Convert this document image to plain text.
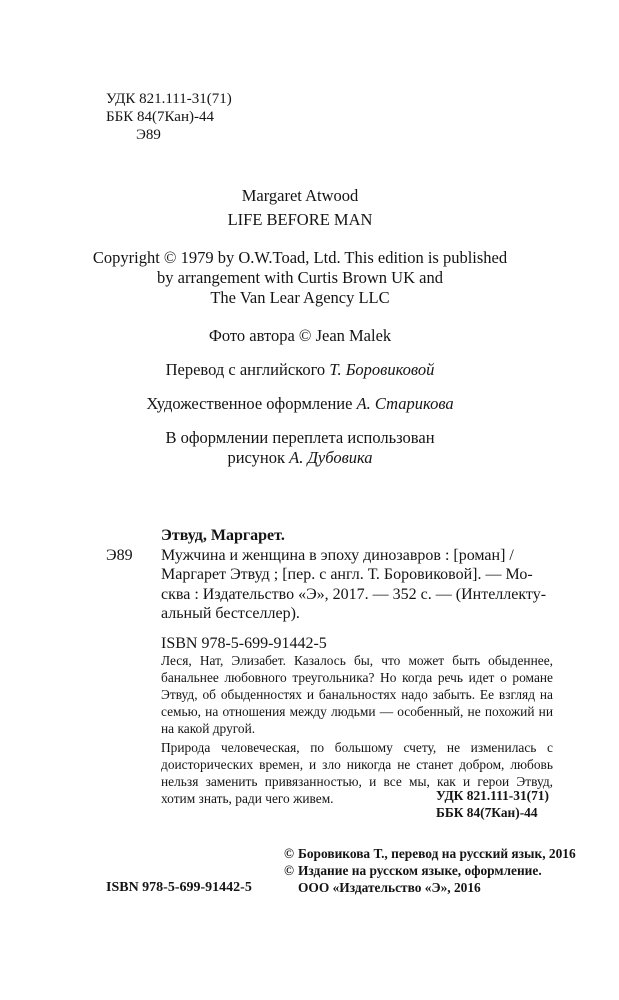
УДК 821.111-31(71)
ББК 84(7Кан)-44
Э89

Margaret Atwood

LIFE BEFORE MAN

Copyright © 1979 by O.W.Toad, Ltd. This edition is published
by arrangement with Curtis Brown UK and
The Van Lear Agency LLC

Фото автора © Jean Malek

Перевод с английского Т. Боровиковой

Художественное оформление А. Старикова

В оформлении переплета использован
рисунок А. Дубовика
Этвуд, Маргарет.
Э89 Мужчина и женщина в эпоху динозавров : [роман] /
Маргарет Этвуд ; [пер. с англ. Т. Боровиковой]. — Мо-
сква : Издательство «Э», 2017. — 352 с. — (Интеллекту-
альный бестселлер).
ISBN 978-5-699-91442-5

Леся, Нат, Элизабет. Казалось бы, что может быть обыденнее, банальнее любовного треугольника? Но когда речь идет о романе Этвуд, об обыденностях и банальностях надо забыть. Ее взгляд на семью, на отношения между людьми — особенный, не похожий ни на какой другой.

Природа человеческая, по большому счету, не изменилась с доисторических времен, и зло никогда не станет добром, любовь нельзя заменить привязанностью, и все мы, как и герои Этвуд, хотим знать, ради чего живем.	УДК 821.111-31(71)
ББК 84(7Кан)-44
© Боровикова Т., перевод на русский язык, 2016
© Издание на русском языке, оформление.
ООО «Издательство «Э», 2016
ISBN 978-5-699-91442-5
